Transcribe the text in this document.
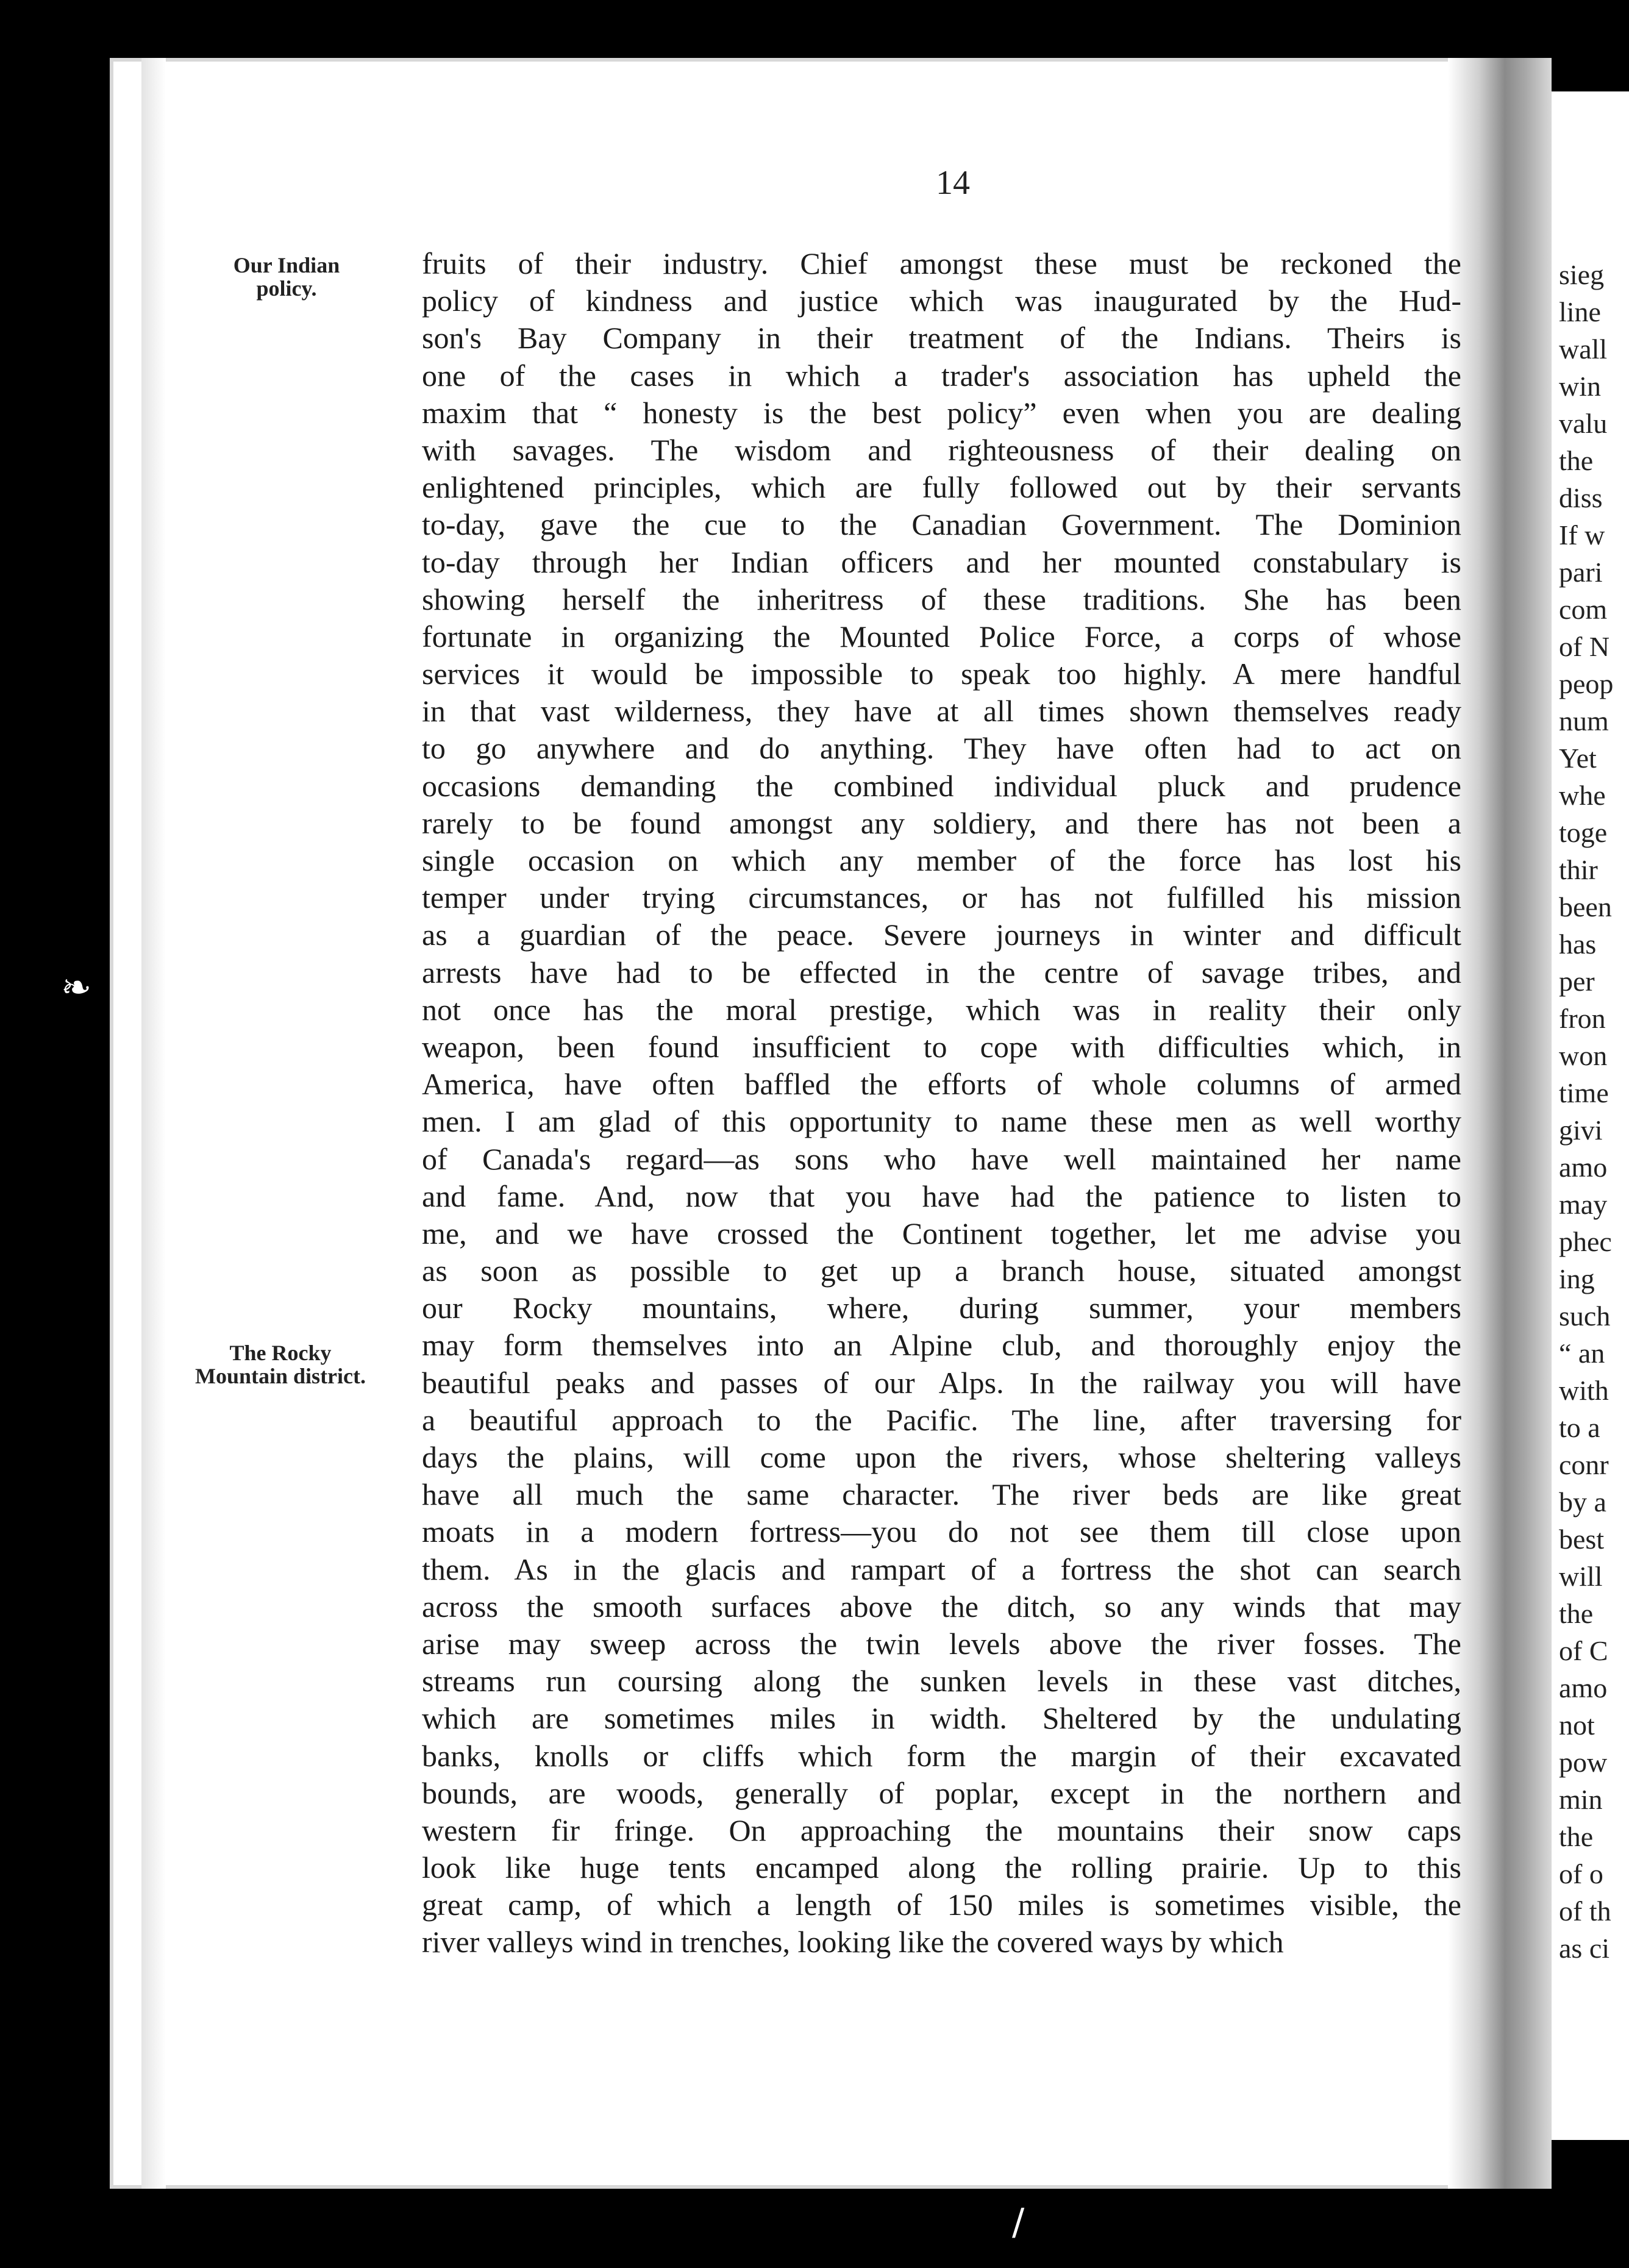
sieg
line
wall
win
valu
the
diss
If w
pari
com
of N
peop
num
Yet
whe
toge
thir
been
has
per
fron
won
time
givi
amo
may
phec
ing
such
“ an
with
to a
conr
by a
best
will
the
of C
amo
not
pow
min
the
of o
of th
as ci
14
Our Indian policy.
The Rocky Mountain district.
fruits of their industry. Chief amongst these must be reckoned the
policy of kindness and justice which was inaugurated by the Hud-
son's Bay Company in their treatment of the Indians. Theirs is
one of the cases in which a trader's association has upheld the
maxim that “ honesty is the best policy” even when you are dealing
with savages. The wisdom and righteousness of their dealing on
enlightened principles, which are fully followed out by their servants
to-day, gave the cue to the Canadian Government. The Dominion
to-day through her Indian officers and her mounted constabulary is
showing herself the inheritress of these traditions. She has been
fortunate in organizing the Mounted Police Force, a corps of whose
services it would be impossible to speak too highly. A mere handful
in that vast wilderness, they have at all times shown themselves ready
to go anywhere and do anything. They have often had to act on
occasions demanding the combined individual pluck and prudence
rarely to be found amongst any soldiery, and there has not been a
single occasion on which any member of the force has lost his
temper under trying circumstances, or has not fulfilled his mission
as a guardian of the peace. Severe journeys in winter and difficult
arrests have had to be effected in the centre of savage tribes, and
not once has the moral prestige, which was in reality their only
weapon, been found insufficient to cope with difficulties which, in
America, have often baffled the efforts of whole columns of armed
men. I am glad of this opportunity to name these men as well worthy
of Canada's regard—as sons who have well maintained her name
and fame. And, now that you have had the patience to listen to
me, and we have crossed the Continent together, let me advise you
as soon as possible to get up a branch house, situated amongst
our Rocky mountains, where, during summer, your members
may form themselves into an Alpine club, and thoroughly enjoy the
beautiful peaks and passes of our Alps. In the railway you will have
a beautiful approach to the Pacific. The line, after traversing for
days the plains, will come upon the rivers, whose sheltering valleys
have all much the same character. The river beds are like great
moats in a modern fortress—you do not see them till close upon
them. As in the glacis and rampart of a fortress the shot can search
across the smooth surfaces above the ditch, so any winds that may
arise may sweep across the twin levels above the river fosses. The
streams run coursing along the sunken levels in these vast ditches,
which are sometimes miles in width. Sheltered by the undulating
banks, knolls or cliffs which form the margin of their excavated
bounds, are woods, generally of poplar, except in the northern and
western fir fringe. On approaching the mountains their snow caps
look like huge tents encamped along the rolling prairie. Up to this
great camp, of which a length of 150 miles is sometimes visible, the
river valleys wind in trenches, looking like the covered ways by which
❧
/
